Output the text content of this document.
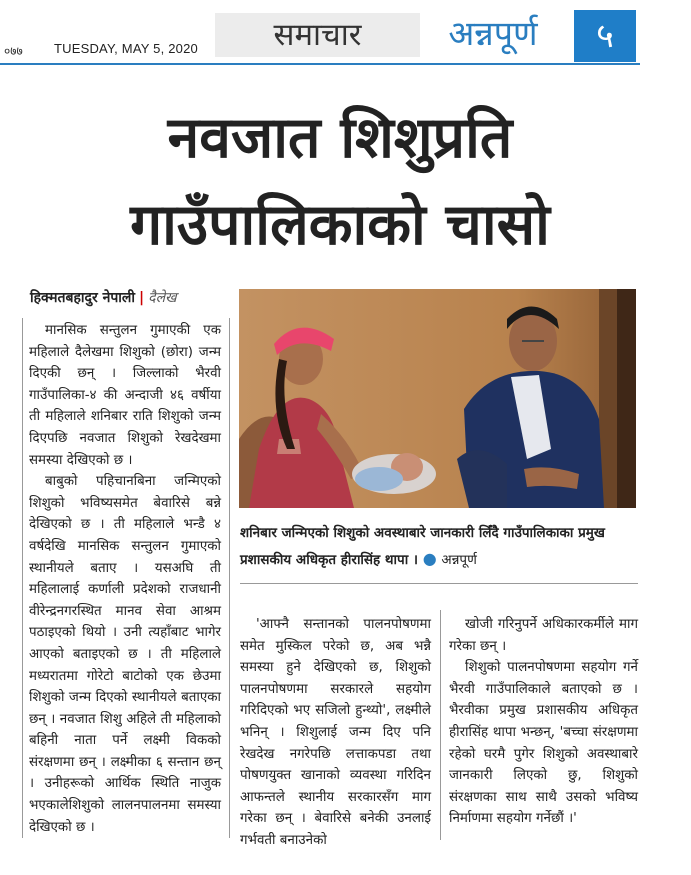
०७७ TUESDAY, MAY 5, 2020	समाचार	अन्नपूर्ण	५
नवजात शिशुप्रति
गाउँपालिकाको चासो
हिक्मतबहादुर नेपाली | दैलेख

मानसिक सन्तुलन गुमाएकी एक महिलाले दैलेखमा शिशुको (छोरा) जन्म दिएकी छन् । जिल्लाको भैरवी गाउँपालिका-४ की अन्दाजी ४६ वर्षीया ती महिलाले शनिबार राति शिशुको जन्म दिएपछि नवजात शिशुको रेखदेखमा समस्या देखिएको छ ।

बाबुको पहिचानबिना जन्मिएको शिशुको भविष्यसमेत बेवारिसे बन्ने देखिएको छ । ती महिलाले भन्डै ४ वर्षदेखि मानसिक सन्तुलन गुमाएको स्थानीयले बताए । यसअघि ती महिलालाई कर्णाली प्रदेशको राजधानी वीरेन्द्रनगरस्थित मानव सेवा आश्रम पठाइएको थियो । उनी त्यहाँबाट भागेर आएको बताइएको छ । ती महिलाले मध्यरातमा गोरेटो बाटोको एक छेउमा शिशुको जन्म दिएको स्थानीयले बताएका छन् । नवजात शिशु अहिले ती महिलाको बहिनी नाता पर्ने लक्ष्मी विकको संरक्षणमा छन् । लक्ष्मीका ६ सन्तान छन् । उनीहरूको आर्थिक स्थिति नाजुक भएकालेशिशुको लालनपालनमा समस्या देखिएको छ ।

शनिबार जन्मिएको शिशुको अवस्थाबारे जानकारी लिँदै गाउँपालिकाका प्रमुख प्रशासकीय अधिकृत हीरासिंह थापा । ● अन्नपूर्ण

'आफ्नै सन्तानको पालनपोषणमा समेत मुस्किल परेको छ, अब भन्नै समस्या हुने देखिएको छ, शिशुको पालनपोषणमा सरकारले सहयोग गरिदिएको भए सजिलो हुन्थ्यो', लक्ष्मीले भनिन् । शिशुलाई जन्म दिए पनि रेखदेख नगरेपछि लत्ताकपडा तथा पोषणयुक्त खानाको व्यवस्था गरिदिन आफन्तले स्थानीय सरकारसँग माग गरेका छन् । बेवारिसे बनेकी उनलाई गर्भवती बनाउनेको

खोजी गरिनुपर्ने अधिकारकर्मीले माग गरेका छन् ।

शिशुको पालनपोषणमा सहयोग गर्ने भैरवी गाउँपालिकाले बताएको छ । भैरवीका प्रमुख प्रशासकीय अधिकृत हीरासिंह थापा भन्छन्, 'बच्चा संरक्षणमा रहेको घरमै पुगेर शिशुको अवस्थाबारे जानकारी लिएको छु, शिशुको संरक्षणका साथ साथै उसको भविष्य निर्माणमा सहयोग गर्नेछौं ।'
